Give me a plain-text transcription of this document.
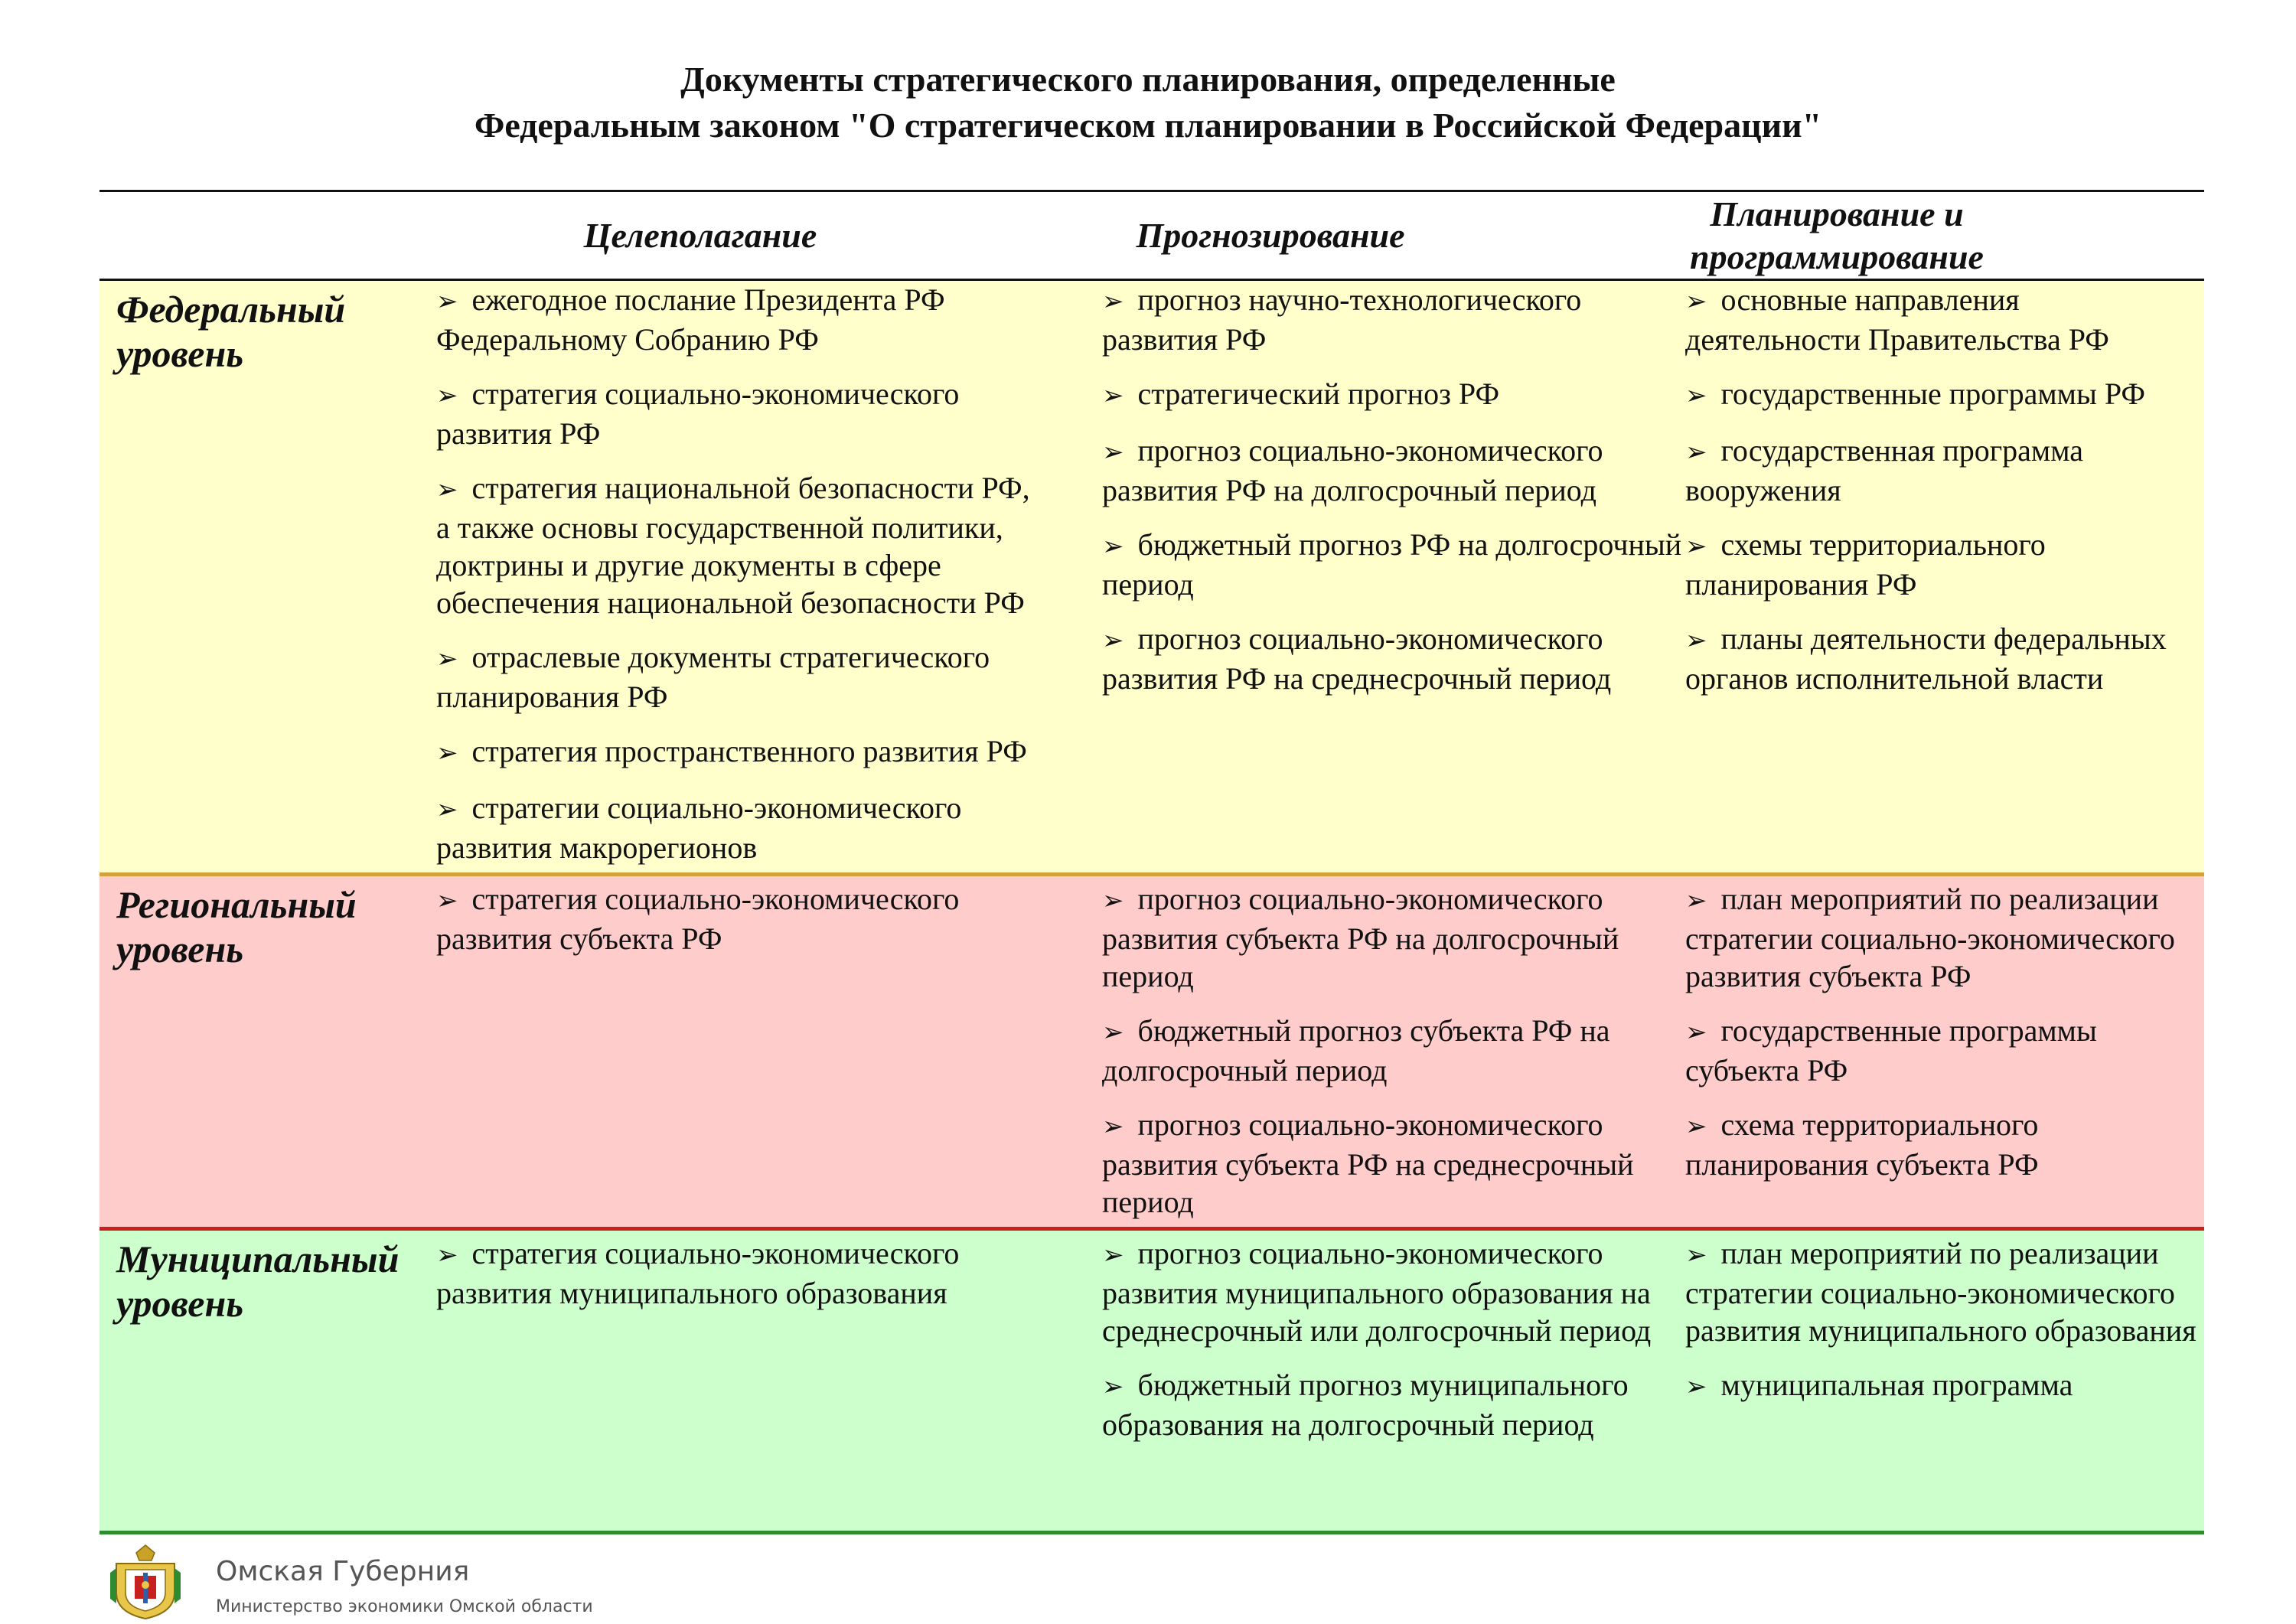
Документы стратегического планирования, определенные
Федеральным законом "О стратегическом планировании в Российской Федерации"
Целеполагание	Прогнозирование
Планирование и программирование
Федеральный уровень
➢ ежегодное послание Президента РФ Федеральному Собранию РФ
➢ стратегия социально-экономического развития РФ
➢ стратегия национальной безопасности РФ, а также основы государственной политики, доктрины и другие документы в сфере обеспечения национальной безопасности РФ
➢ отраслевые документы стратегического планирования РФ
➢ стратегия пространственного развития РФ
➢ стратегии социально-экономического развития макрорегионов
➢ прогноз научно-технологического развития РФ
➢ стратегический прогноз РФ
➢ прогноз социально-экономического развития РФ на долгосрочный период
➢ бюджетный прогноз РФ на долгосрочный период
➢ прогноз социально-экономического развития РФ на среднесрочный период
➢ основные направления деятельности Правительства РФ
➢ государственные программы РФ
➢ государственная программа вооружения
➢ схемы территориального планирования РФ
➢ планы деятельности федеральных органов исполнительной власти
Региональный уровень
➢ стратегия социально-экономического развития субъекта РФ
➢ прогноз социально-экономического развития субъекта РФ на долгосрочный период
➢ бюджетный прогноз субъекта РФ на долгосрочный период
➢ прогноз социально-экономического развития субъекта РФ на среднесрочный период
➢ план мероприятий по реализации стратегии социально-экономического развития субъекта РФ
➢ государственные программы субъекта РФ
➢ схема территориального планирования субъекта РФ
Муниципальный уровень
➢ стратегия социально-экономического развития муниципального образования
➢ прогноз социально-экономического развития муниципального образования на среднесрочный или долгосрочный период
➢ бюджетный прогноз муниципального образования на долгосрочный период
➢ план мероприятий по реализации стратегии социально-экономического развития муниципального образования
➢ муниципальная программа
Омская Губерния
Министерство экономики Омской области
